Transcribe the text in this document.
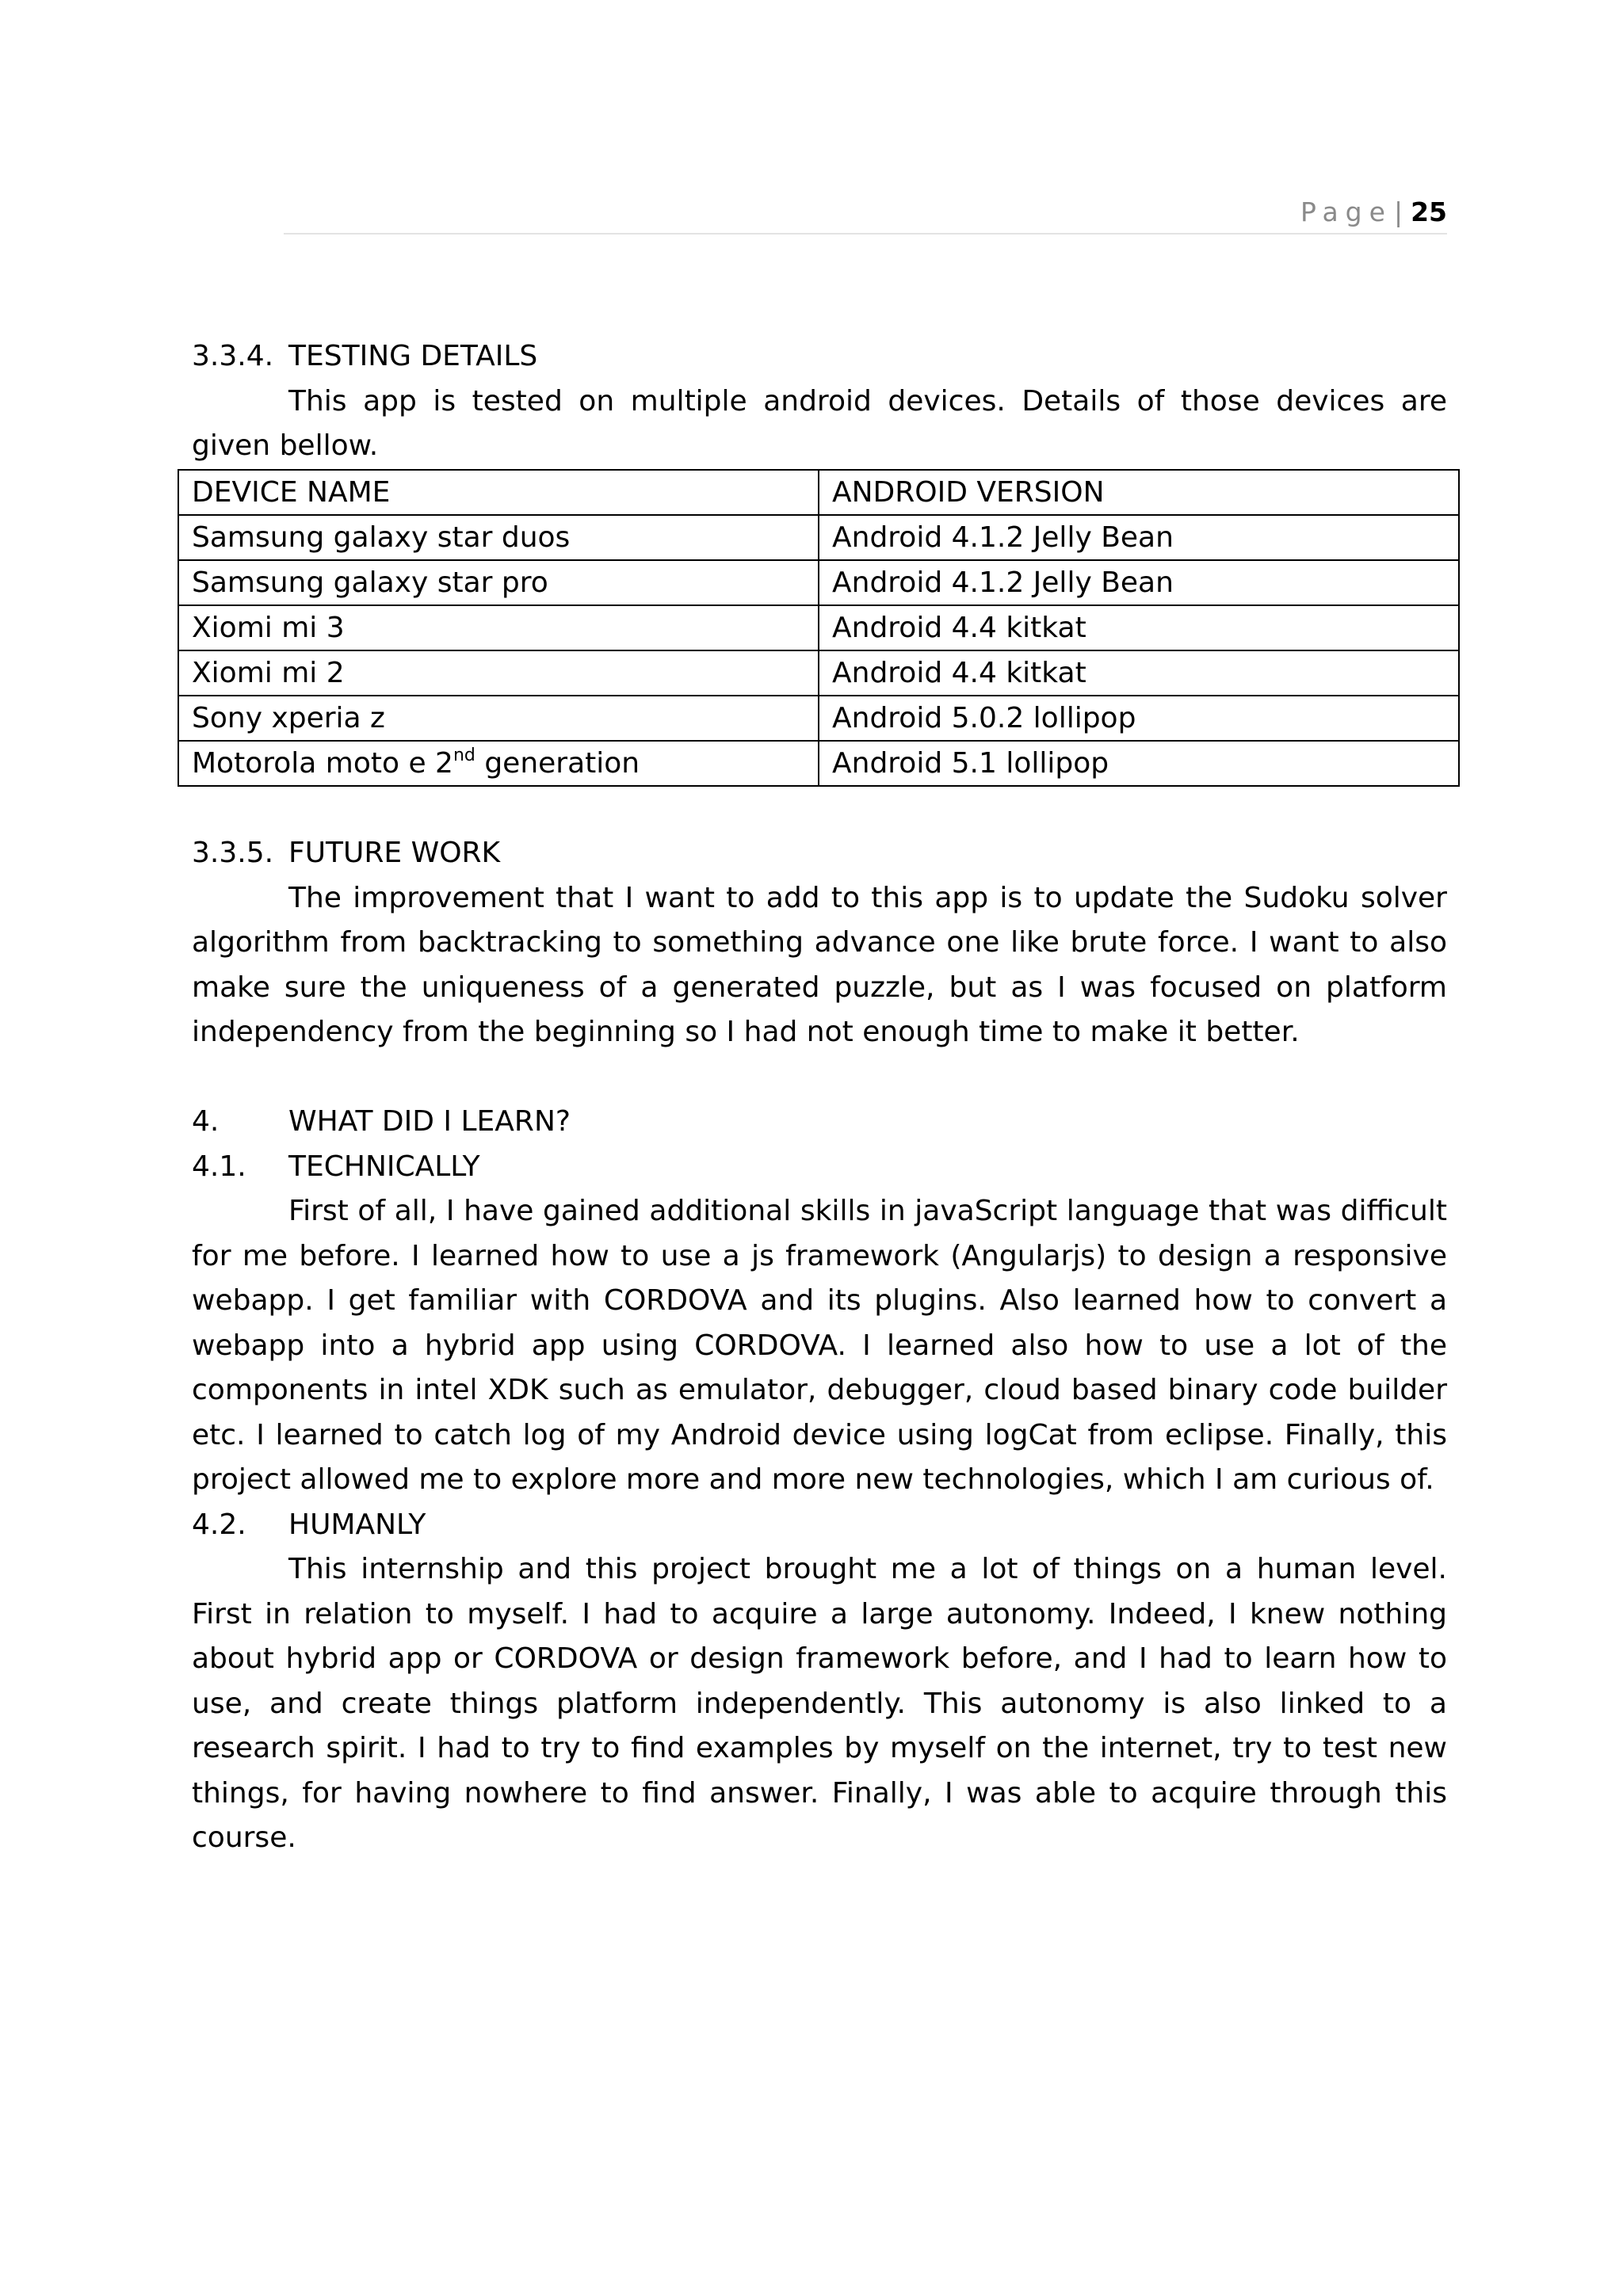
Page| 25
3.3.4. TESTING DETAILS
This app is tested on multiple android devices. Details of those devices are given bellow.
DEVICE NAME	ANDROID VERSION
Samsung galaxy star duos	Android 4.1.2 Jelly Bean
Samsung galaxy star pro	Android 4.1.2 Jelly Bean
Xiomi mi 3	Android 4.4 kitkat
Xiomi mi 2	Android 4.4 kitkat
Sony xperia z	Android 5.0.2 lollipop
Motorola moto e 2nd generation	Android 5.1 lollipop
3.3.5. FUTURE WORK
The improvement that I want to add to this app is to update the Sudoku solver algorithm from backtracking to something advance one like brute force. I want to also make sure the uniqueness of a generated puzzle, but as I was focused on platform independency from the beginning so I had not enough time to make it better.
4.	WHAT DID I LEARN?
4.1.	TECHNICALLY
First of all, I have gained additional skills in javaScript language that was difficult for me before. I learned how to use a js framework (Angularjs) to design a responsive webapp. I get familiar with CORDOVA and its plugins. Also learned how to convert a webapp into a hybrid app using CORDOVA. I learned also how to use a lot of the components in intel XDK such as emulator, debugger, cloud based binary code builder etc. I learned to catch log of my Android device using logCat from eclipse. Finally, this project allowed me to explore more and more new technologies, which I am curious of.
4.2.	HUMANLY
This internship and this project brought me a lot of things on a human level. First in relation to myself. I had to acquire a large autonomy. Indeed, I knew nothing about hybrid app or CORDOVA or design framework before, and I had to learn how to use, and create things platform independently. This autonomy is also linked to a research spirit. I had to try to find examples by myself on the internet, try to test new things, for having nowhere to find answer. Finally, I was able to acquire through this course.
